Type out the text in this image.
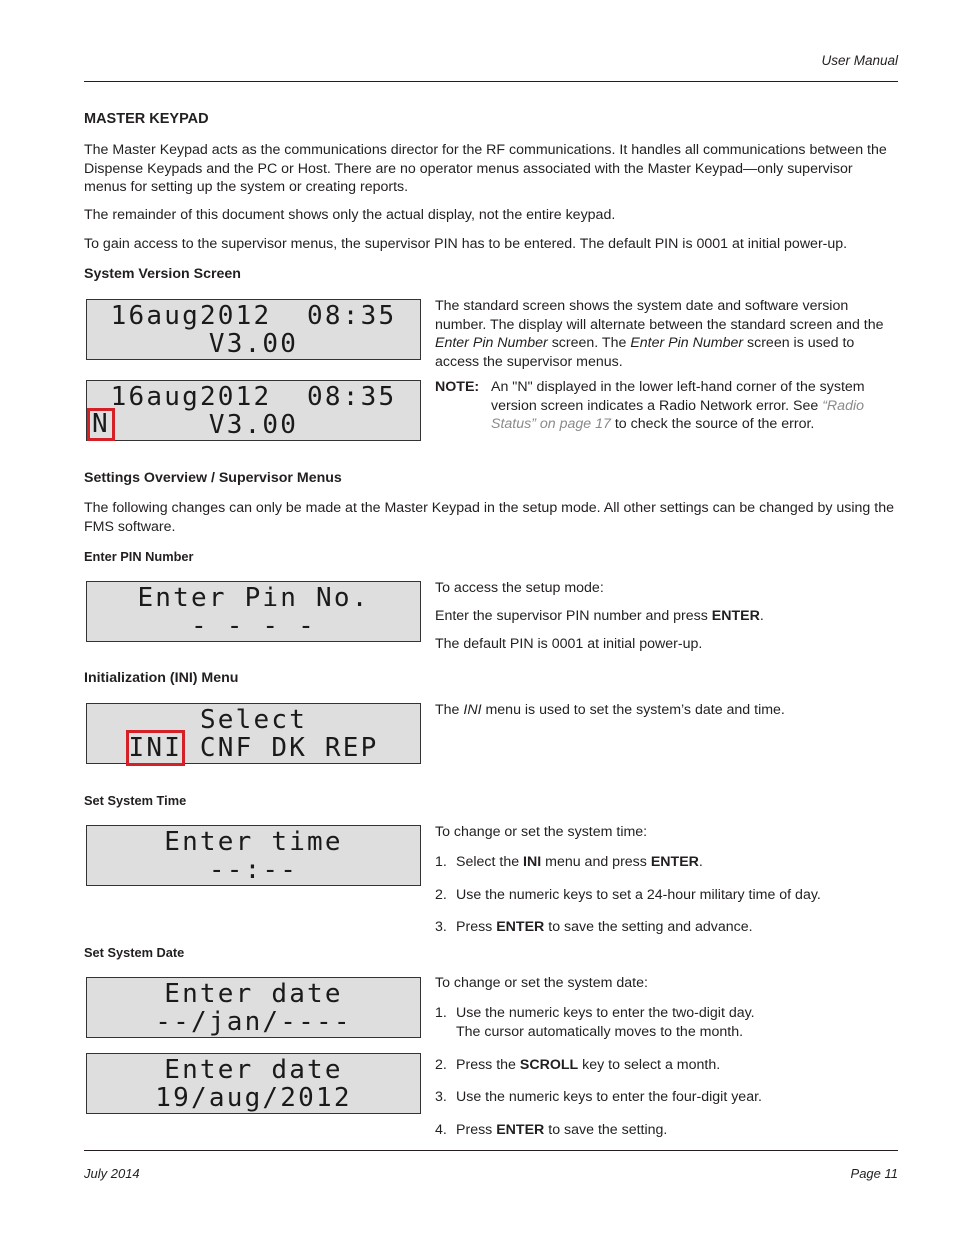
User Manual
MASTER KEYPAD
The Master Keypad acts as the communications director for the RF communications. It handles all communications between the Dispense Keypads and the PC or Host. There are no operator menus associated with the Master Keypad—only supervisor menus for setting up the system or creating reports.
The remainder of this document shows only the actual display, not the entire keypad.
To gain access to the supervisor menus, the supervisor PIN has to be entered. The default PIN is 0001 at initial power-up.
System Version Screen
16aug2012  08:35
V3.00
16aug2012  08:35
V3.00
N
The standard screen shows the system date and software version number. The display will alternate between the standard screen and the Enter Pin Number screen. The Enter Pin Number screen is used to access the supervisor menus.
NOTE: An "N" displayed in the lower left-hand corner of the system version screen indicates a Radio Network error. See “Radio Status” on page 17 to check the source of the error.
Settings Overview / Supervisor Menus
The following changes can only be made at the Master Keypad in the setup mode. All other settings can be changed by using the FMS software.
Enter PIN Number
Enter Pin No.
- - - -
To access the setup mode:
Enter the supervisor PIN number and press ENTER.
The default PIN is 0001 at initial power-up.
Initialization (INI) Menu
Select
INI CNF DK REP
The INI menu is used to set the system’s date and time.
Set System Time
Enter time
--:--
To change or set the system time:
1. Select the INI menu and press ENTER.
2. Use the numeric keys to set a 24-hour military time of day.
3. Press ENTER to save the setting and advance.
Set System Date
Enter date
--/jan/----
Enter date
19/aug/2012
To change or set the system date:
1. Use the numeric keys to enter the two-digit day.
The cursor automatically moves to the month.
2. Press the SCROLL key to select a month.
3. Use the numeric keys to enter the four-digit year.
4. Press ENTER to save the setting.
July 2014	Page 11
